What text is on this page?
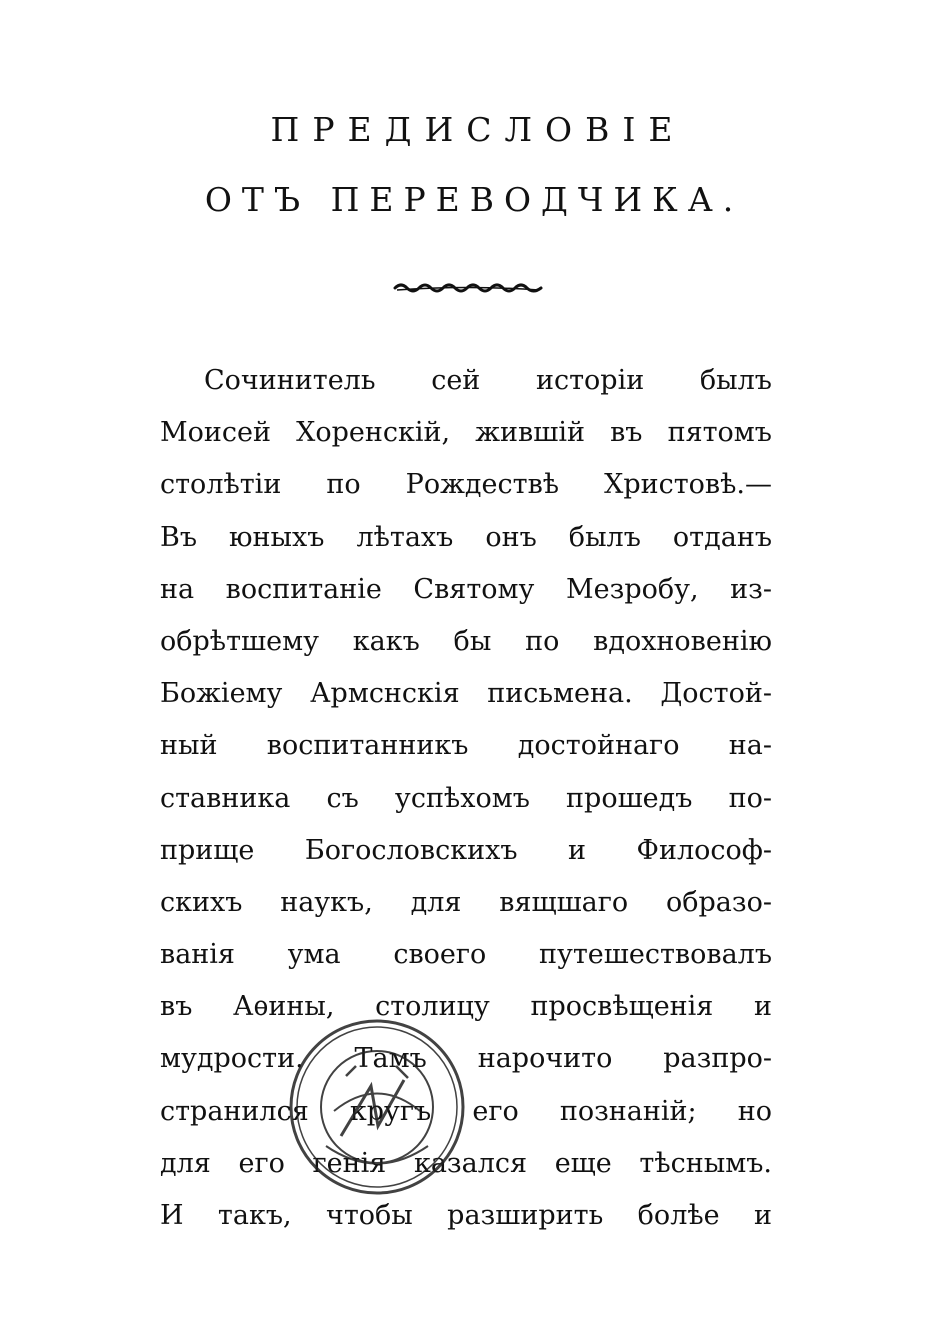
ПРЕДИСЛОВІЕ
ОТЪ ПЕРЕВОДЧИКА.
Сочинитель сей исторіи былъ
Моисей Хоренскій, жившій въ пятомъ
столѣтіи по Рождествѣ Христовѣ.—
Въ юныхъ лѣтахъ онъ былъ отданъ
на воспитаніе Святому Мезробу, из-
обрѣтшему какъ бы по вдохновенію
Божіему Армснскія письмена. Достой-
ный воспитанникъ достойнаго на-
ставника съ успѣхомъ прошедъ по-
прище Богословскихъ и Философ-
скихъ наукъ, для вящшаго образо-
ванія ума своего путешествовалъ
въ Аѳины, столицу просвѣщенія и
мудрости. Тамъ нарочито разпро-
странился кругъ его познаній; но
для его генія казался еще тѣснымъ.
И такъ, чтобы разширить болѣе и
